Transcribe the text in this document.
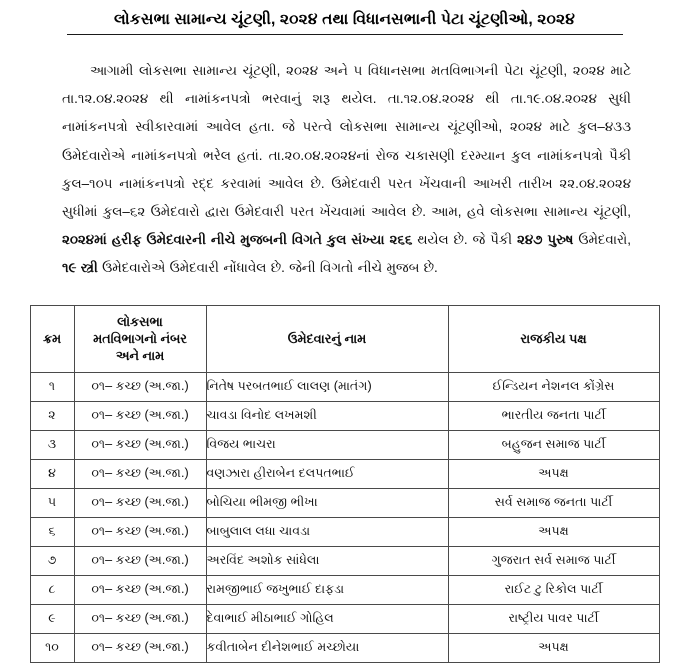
લોકસભા સામાન્ય ચૂંટણી, ૨૦૨૪ તથા વિધાનસભાની પેટા ચૂંટણીઓ, ૨૦૨૪

આગામી લોકસભા સામાન્ય ચૂંટણી, ૨૦૨૪ અને ૫ વિધાનસભા મતવિભાગની પેટા ચૂંટણી, ૨૦૨૪ માટે તા.૧૨.૦૪.૨૦૨૪ થી નામાંકનપત્રો ભરવાનું શરૂ થયેલ. તા.૧૨.૦૪.૨૦૨૪ થી તા.૧૯.૦૪.૨૦૨૪ સુધી નામાંકનપત્રો સ્વીકારવામાં આવેલ હતા. જે પરત્વે લોકસભા સામાન્ય ચૂંટણીઓ, ૨૦૨૪ માટે કુલ–૪૩૩ ઉમેદવારોએ નામાંકનપત્રો ભરેલ હતાં. તા.૨૦.૦૪.૨૦૨૪નાં રોજ ચકાસણી દરમ્યાન કુલ નામાંકનપત્રો પૈકી કુલ–૧૦૫ નામાંકનપત્રો રદ્દ કરવામાં આવેલ છે. ઉમેદવારી પરત ખેંચવાની આખરી તારીખ ૨૨.૦૪.૨૦૨૪ સુધીમાં કુલ–૬૨ ઉમેદવારો દ્વારા ઉમેદવારી પરત ખેંચવામાં આવેલ છે. આમ, હવે લોકસભા સામાન્ય ચૂંટણી, ૨૦૨૪માં હરીફ ઉમેદવારની નીચે મુજબની વિગતે કુલ સંખ્યા ૨૬૬ થયેલ છે. જે પૈકી ૨૪૭ પુરુષ ઉમેદવારો, ૧૯ સ્ત્રી ઉમેદવારોએ ઉમેદવારી નોંધાવેલ છે. જેની વિગતો નીચે મુજબ છે.

ક્રમ	લોકસભા
મતવિભાગનો નંબર
અને નામ	ઉમેદવારનું નામ	રાજકીય પક્ષ
૧	૦૧– કચ્છ (અ.જા.)	નિતેષ પરબતભાઈ લાલણ (માતંગ)	ઈન્ડિયન નેશનલ કોંગ્રેસ
૨	૦૧– કચ્છ (અ.જા.)	ચાવડા વિનોદ લખમશી	ભારતીય જનતા પાર્ટી
૩	૦૧– કચ્છ (અ.જા.)	વિજય ભાચરા	બહુજન સમાજ પાર્ટી
૪	૦૧– કચ્છ (અ.જા.)	વણઝારા હીરાબેન દલપતભાઈ	અપક્ષ
૫	૦૧– કચ્છ (અ.જા.)	બોચિયા ભીમજી ભીખા	સર્વ સમાજ જનતા પાર્ટી
૬	૦૧– કચ્છ (અ.જા.)	બાબુલાલ લધા ચાવડા	અપક્ષ
૭	૦૧– કચ્છ (અ.જા.)	અરવિંદ અશોક સાંધેલા	ગુજરાત સર્વ સમાજ પાર્ટી
૮	૦૧– કચ્છ (અ.જા.)	રામજીભાઈ જખુભાઈ દાફડા	રાઈટ ટુ રિકોલ પાર્ટી
૯	૦૧– કચ્છ (અ.જા.)	દેવાભાઈ મીઠાભાઈ ગોહિલ	રાષ્ટ્રીય પાવર પાર્ટી
૧૦	૦૧– કચ્છ (અ.જા.)	કવીતાબેન દીનેશભાઈ મચ્છોયા	અપક્ષ
